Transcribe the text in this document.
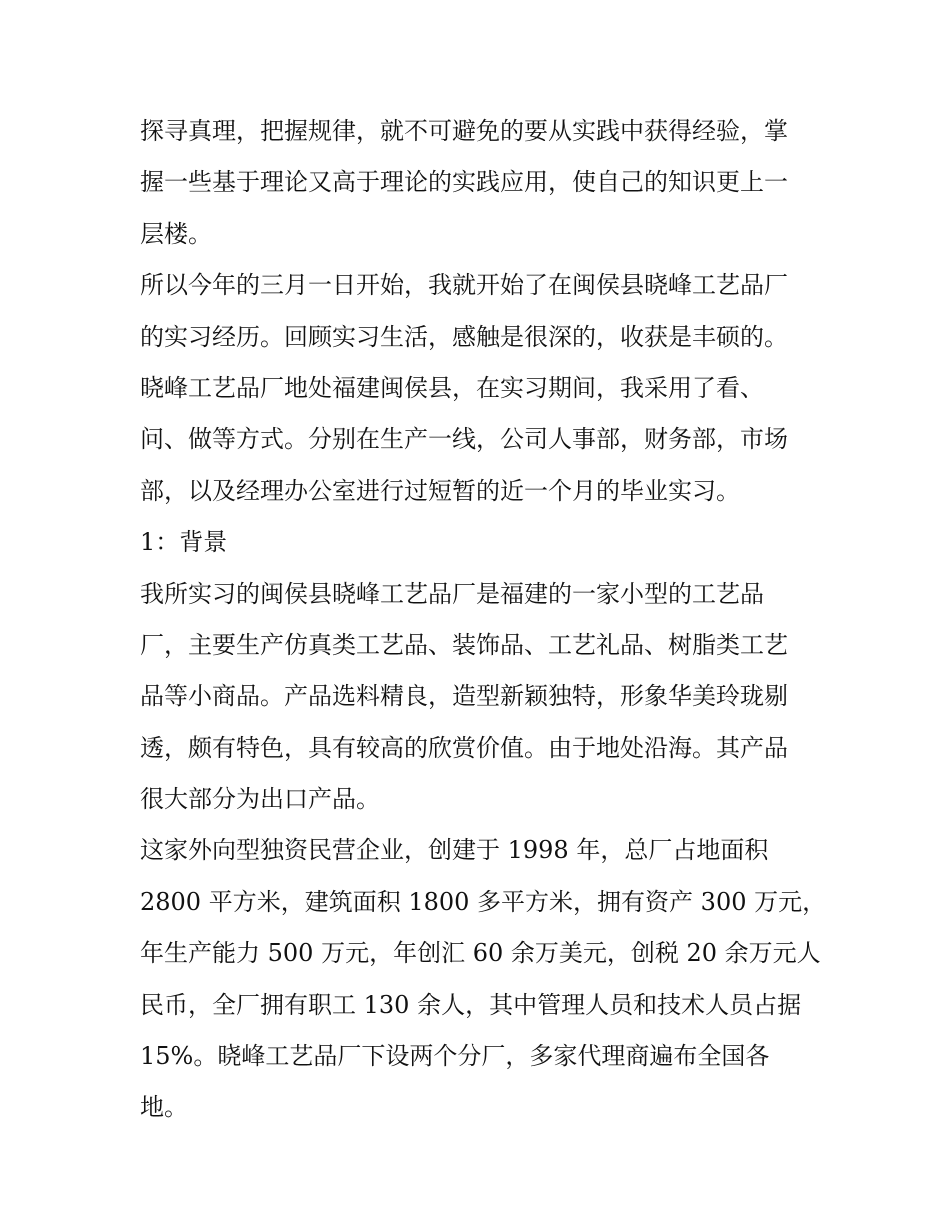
探寻真理，把握规律，就不可避免的要从实践中获得经验，掌
握一些基于理论又高于理论的实践应用，使自己的知识更上一
层楼。
所以今年的三月一日开始，我就开始了在闽侯县晓峰工艺品厂
的实习经历。回顾实习生活，感触是很深的，收获是丰硕的。
晓峰工艺品厂地处福建闽侯县，在实习期间，我采用了看、
问、做等方式。分别在生产一线，公司人事部，财务部，市场
部，以及经理办公室进行过短暂的近一个月的毕业实习。
1：背景
我所实习的闽侯县晓峰工艺品厂是福建的一家小型的工艺品
厂，主要生产仿真类工艺品、装饰品、工艺礼品、树脂类工艺
品等小商品。产品选料精良，造型新颖独特，形象华美玲珑剔
透，颇有特色，具有较高的欣赏价值。由于地处沿海。其产品
很大部分为出口产品。
这家外向型独资民营企业，创建于 1998 年，总厂占地面积
2800 平方米，建筑面积 1800 多平方米，拥有资产 300 万元，
年生产能力 500 万元，年创汇 60 余万美元，创税 20 余万元人
民币，全厂拥有职工 130 余人，其中管理人员和技术人员占据
15%。晓峰工艺品厂下设两个分厂，多家代理商遍布全国各
地。
